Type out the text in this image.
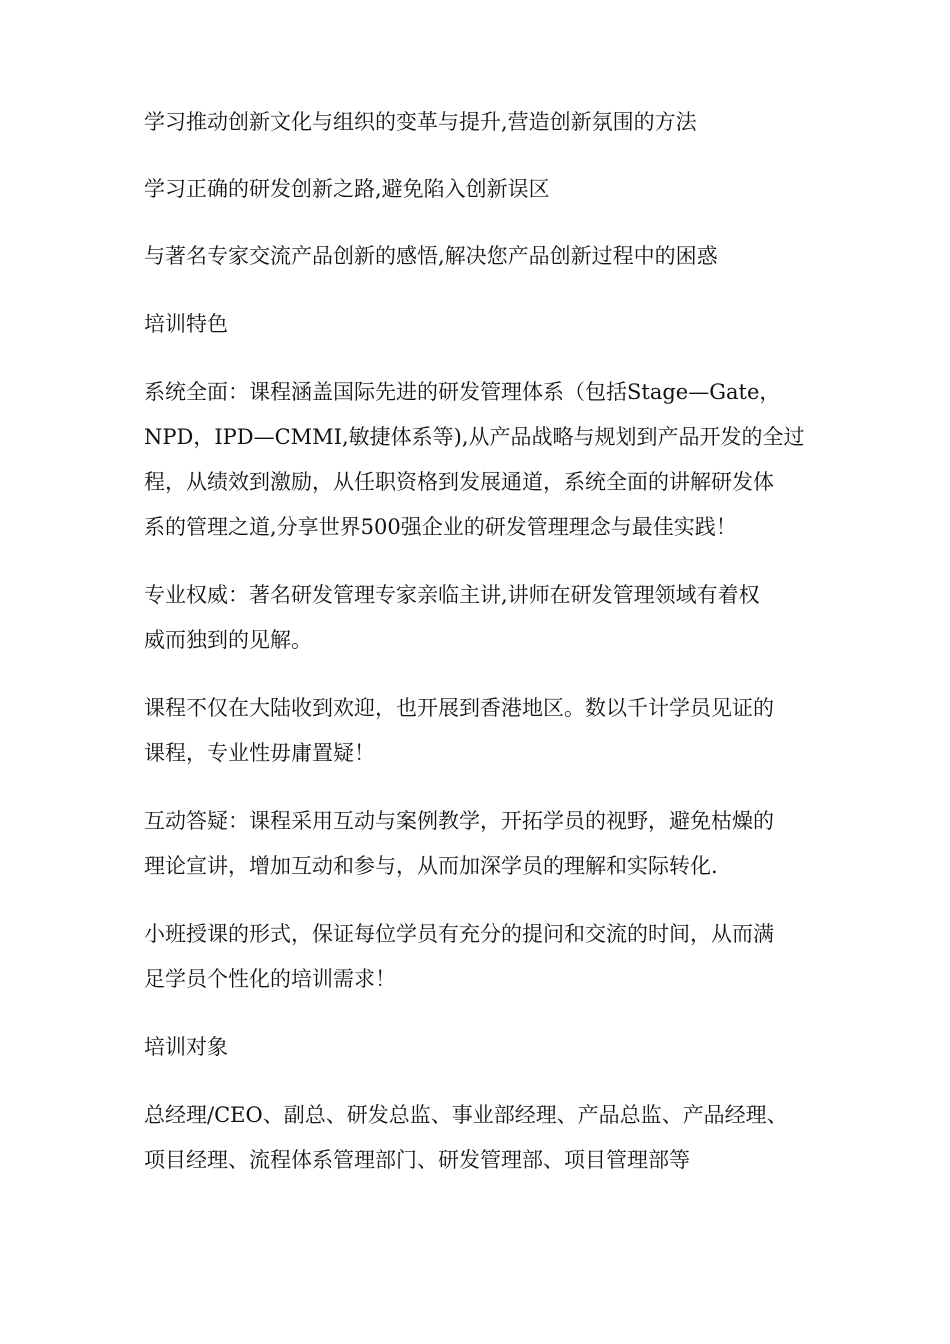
学习推动创新文化与组织的变革与提升,营造创新氛围的方法

学习正确的研发创新之路,避免陷入创新误区

与著名专家交流产品创新的感悟,解决您产品创新过程中的困惑

培训特色

系统全面：课程涵盖国际先进的研发管理体系（包括Stage—Gate，

NPD，IPD—CMMI,敏捷体系等),从产品战略与规划到产品开发的全过

程，从绩效到激励，从任职资格到发展通道，系统全面的讲解研发体

系的管理之道,分享世界500强企业的研发管理理念与最佳实践！

专业权威：著名研发管理专家亲临主讲,讲师在研发管理领域有着权

威而独到的见解。

课程不仅在大陆收到欢迎，也开展到香港地区。数以千计学员见证的

课程，专业性毋庸置疑！

互动答疑：课程采用互动与案例教学，开拓学员的视野，避免枯燥的

理论宣讲，增加互动和参与，从而加深学员的理解和实际转化.

小班授课的形式，保证每位学员有充分的提问和交流的时间，从而满

足学员个性化的培训需求！

培训对象

总经理/CEO、副总、研发总监、事业部经理、产品总监、产品经理、

项目经理、流程体系管理部门、研发管理部、项目管理部等
